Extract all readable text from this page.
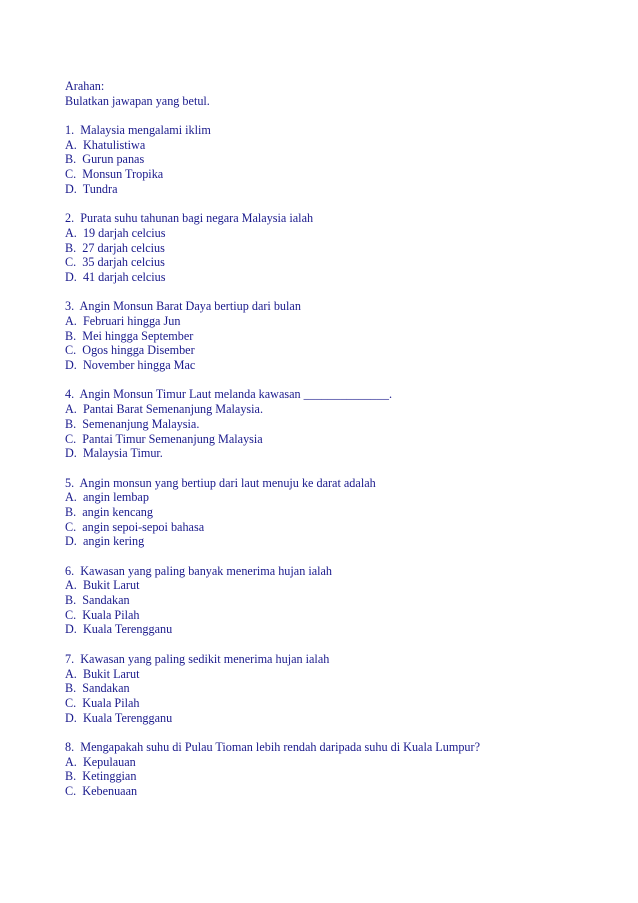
Arahan:
Bulatkan jawapan yang betul.
1.  Malaysia mengalami iklim
A.  Khatulistiwa
B.  Gurun panas
C.  Monsun Tropika
D.  Tundra
2.  Purata suhu tahunan bagi negara Malaysia ialah
A.  19 darjah celcius
B.  27 darjah celcius
C.  35 darjah celcius
D.  41 darjah celcius
3.  Angin Monsun Barat Daya bertiup dari bulan
A.  Februari hingga Jun
B.  Mei hingga September
C.  Ogos hingga Disember
D.  November hingga Mac
4.  Angin Monsun Timur Laut melanda kawasan ______________.
A.  Pantai Barat Semenanjung Malaysia.
B.  Semenanjung Malaysia.
C.  Pantai Timur Semenanjung Malaysia
D.  Malaysia Timur.
5.  Angin monsun yang bertiup dari laut menuju ke darat adalah
A.  angin lembap
B.  angin kencang
C.  angin sepoi-sepoi bahasa
D.  angin kering
6.  Kawasan yang paling banyak menerima hujan ialah
A.  Bukit Larut
B.  Sandakan
C.  Kuala Pilah
D.  Kuala Terengganu
7.  Kawasan yang paling sedikit menerima hujan ialah
A.  Bukit Larut
B.  Sandakan
C.  Kuala Pilah
D.  Kuala Terengganu
8.  Mengapakah suhu di Pulau Tioman lebih rendah daripada suhu di Kuala Lumpur?
A.  Kepulauan
B.  Ketinggian
C.  Kebenuaan
